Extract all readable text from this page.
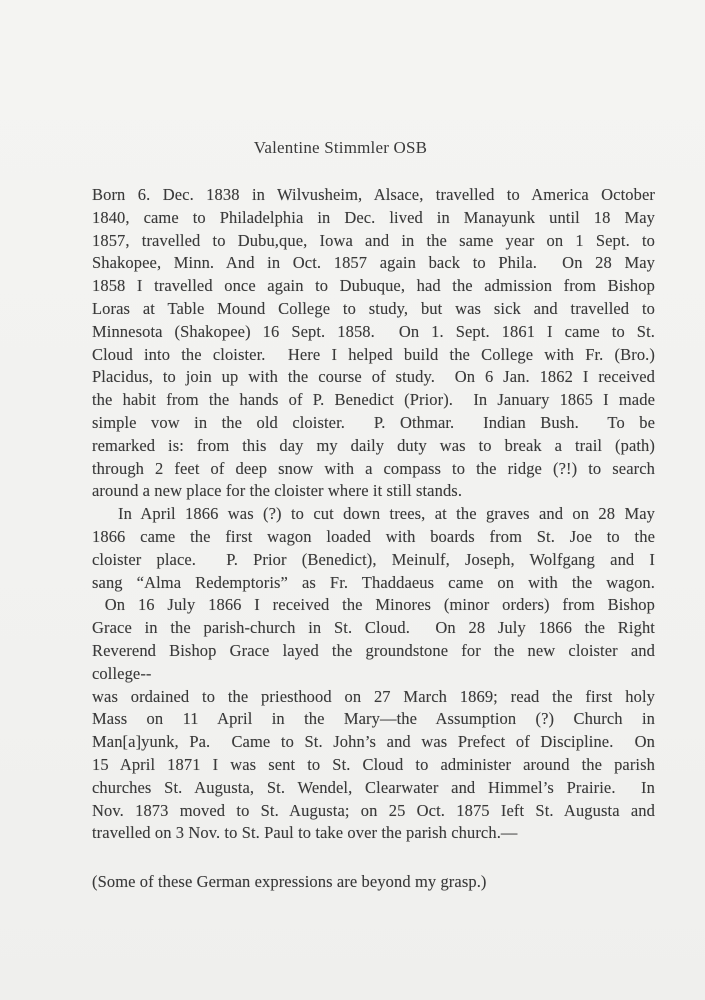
Valentine Stimmler OSB
Born 6. Dec. 1838 in Wilvusheim, Alsace, travelled to America October
1840, came to Philadelphia in Dec. lived in Manayunk until 18 May
1857, travelled to Dubu,que, Iowa and in the same year on 1 Sept. to
Shakopee, Minn. And in Oct. 1857 again back to Phila.  On 28 May
1858 I travelled once again to Dubuque, had the admission from Bishop
Loras at Table Mound College to study, but was sick and travelled to
Minnesota (Shakopee) 16 Sept. 1858.  On 1. Sept. 1861 I came to St.
Cloud into the cloister.  Here I helped build the College with Fr. (Bro.)
Placidus, to join up with the course of study.  On 6 Jan. 1862 I received
the habit from the hands of P. Benedict (Prior).  In January 1865 I made
simple vow in the old cloister.  P. Othmar.  Indian Bush.  To be
remarked is: from this day my daily duty was to break a trail (path)
through 2 feet of deep snow with a compass to the ridge (?!) to search
around a new place for the cloister where it still stands.
In April 1866 was (?) to cut down trees, at the graves and on 28 May
1866 came the first wagon loaded with boards from St. Joe to the
cloister place.  P. Prior (Benedict), Meinulf, Joseph, Wolfgang and I
sang “Alma Redemptoris” as Fr. Thaddaeus came on with the wagon.
On 16 July 1866 I received the Minores (minor orders) from Bishop
Grace in the parish-church in St. Cloud.  On 28 July 1866 the Right
Reverend Bishop Grace layed the groundstone for the new cloister and
college--
was ordained to the priesthood on 27 March 1869; read the first holy
Mass on 11 April in the Mary—the Assumption (?) Church in
Man[a]yunk, Pa.  Came to St. John’s and was Prefect of Discipline.  On
15 April 1871 I was sent to St. Cloud to administer around the parish
churches St. Augusta, St. Wendel, Clearwater and Himmel’s Prairie.  In
Nov. 1873 moved to St. Augusta; on 25 Oct. 1875 Ieft St. Augusta and
travelled on 3 Nov. to St. Paul to take over the parish church.—
(Some of these German expressions are beyond my grasp.)
